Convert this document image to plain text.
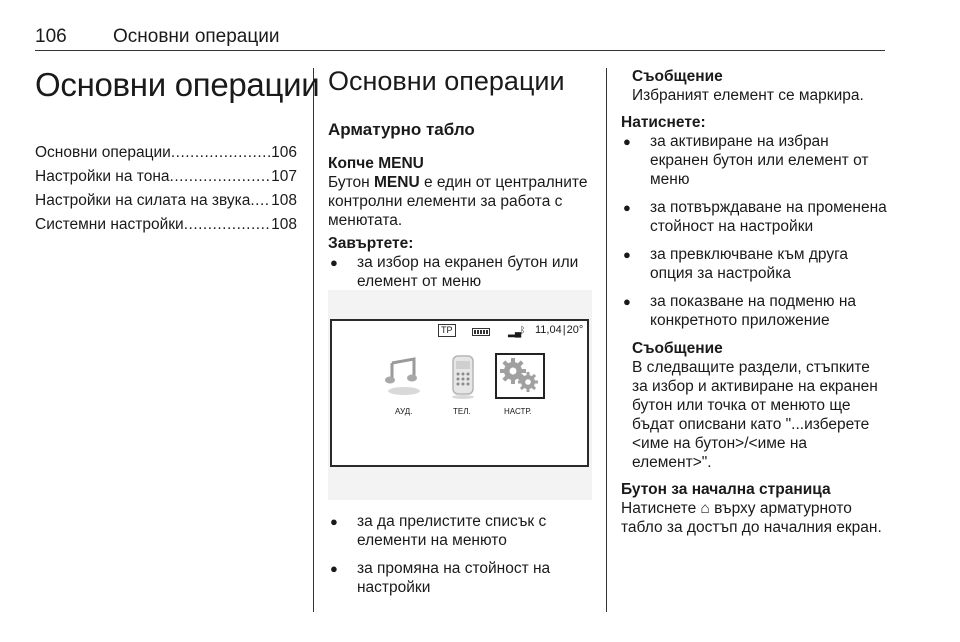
106 Основни операции
Основни операции
Основни операции .....	106
Настройки на тона .....	107
Настройки на силата на звука ..... 108
Системни настройки .....	108
Основни операции
Арматурно табло
Копче MENU
Бутон MENU е един от централните контролни елементи за работа с менютата.
Завъртете:
● за избор на екранен бутон или елемент от меню
TP	▂▄
ᛒ 11,04|20°
АУД.	ТЕЛ.	НАСТР.
● за да прелистите списък с елементи на менюто
● за промяна на стойност на настройки
Съобщение
Избраният елемент се маркира.
Натиснете:
● за активиране на избран екранен бутон или елемент от меню
● за потвърждаване на променена стойност на настройки
● за превключване към друга опция за настройка
● за показване на подменю на конкретното приложение
Съобщение
В следващите раздели, стъпките за избор и активиране на екранен бутон или точка от менюто ще бъдат описвани като "...изберете <име на бутон>/<име на елемент>".
Бутон за начална страница
Натиснете ⌂ върху арматурното табло за достъп до началния екран.
